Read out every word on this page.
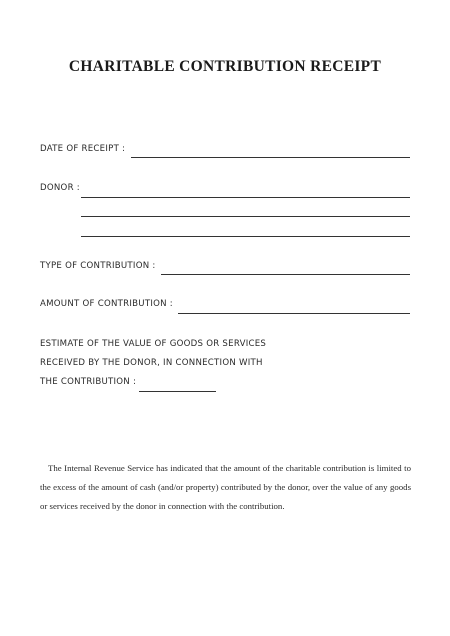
CHARITABLE CONTRIBUTION RECEIPT
DATE OF RECEIPT :
DONOR :
TYPE OF CONTRIBUTION :
AMOUNT OF CONTRIBUTION :
ESTIMATE OF THE VALUE OF GOODS OR SERVICES
RECEIVED BY THE DONOR, IN CONNECTION WITH
THE CONTRIBUTION :

The Internal Revenue Service has indicated that the amount of the charitable contribution is limited to the excess of the amount of cash (and/or property) contributed by the donor, over the value of any goods or services received by the donor in connection with the contribution.
